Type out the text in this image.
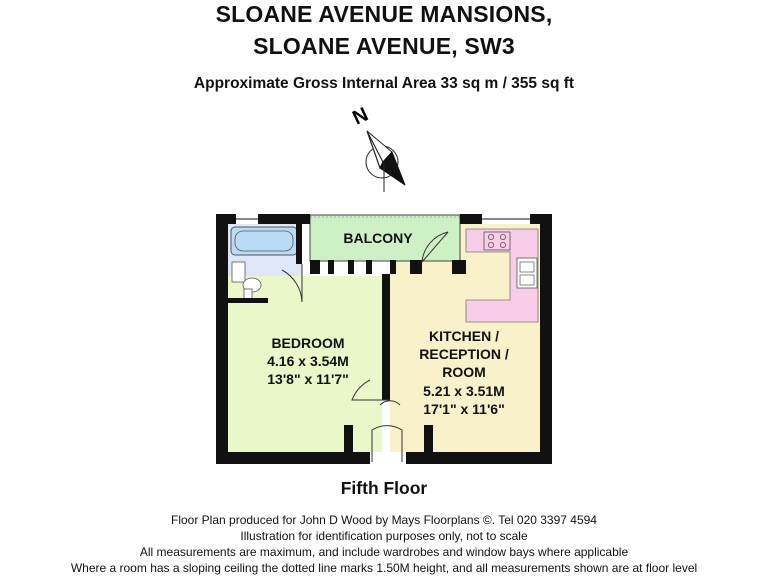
SLOANE AVENUE MANSIONS,
SLOANE AVENUE, SW3
Approximate Gross Internal Area 33 sq m / 355 sq ft
N
BEDROOM
4.16 x 3.54M
13'8" x 11'7"
KITCHEN /
RECEPTION /
ROOM
5.21 x 3.51M
17'1" x 11'6"
BALCONY
Fifth Floor
Floor Plan produced for John D Wood by Mays Floorplans ©. Tel 020 3397 4594
Illustration for identification purposes only, not to scale
All measurements are maximum, and include wardrobes and window bays where applicable
Where a room has a sloping ceiling the dotted line marks 1.50M height, and all measurements shown are at floor level
